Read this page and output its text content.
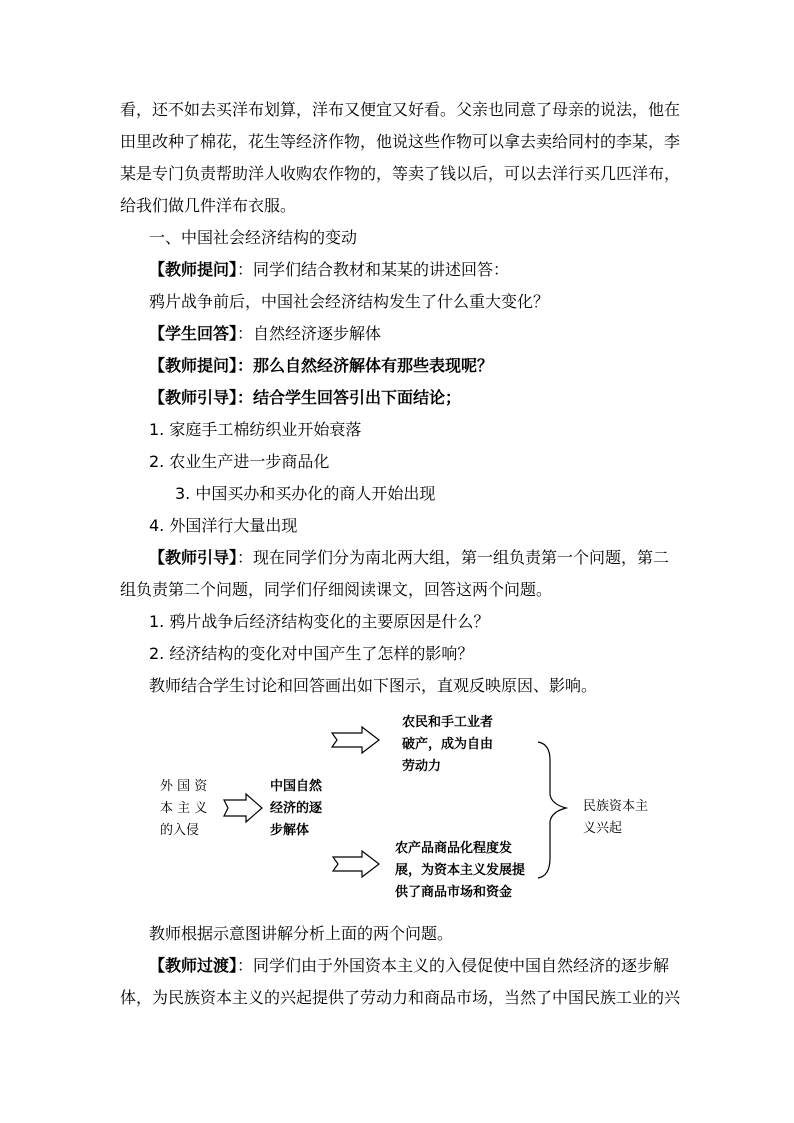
看，还不如去买洋布划算，洋布又便宜又好看。父亲也同意了母亲的说法，他在
田里改种了棉花，花生等经济作物，他说这些作物可以拿去卖给同村的李某，李
某是专门负责帮助洋人收购农作物的，等卖了钱以后，可以去洋行买几匹洋布，
给我们做几件洋布衣服。
一、中国社会经济结构的变动
【教师提问】：同学们结合教材和某某的讲述回答：
鸦片战争前后，中国社会经济结构发生了什么重大变化？
【学生回答】：自然经济逐步解体
【教师提问】：那么自然经济解体有那些表现呢？
【教师引导】：结合学生回答引出下面结论；
1. 家庭手工棉纺织业开始衰落
2. 农业生产进一步商品化
3. 中国买办和买办化的商人开始出现
4. 外国洋行大量出现
【教师引导】：现在同学们分为南北两大组，第一组负责第一个问题，第二
组负责第二个问题，同学们仔细阅读课文，回答这两个问题。
1. 鸦片战争后经济结构变化的主要原因是什么？
2. 经济结构的变化对中国产生了怎样的影响？
教师结合学生讨论和回答画出如下图示，直观反映原因、影响。
外 国 资
本 主 义
的入侵
中国自然
经济的逐
步解体
农民和手工业者
破产，成为自由
劳动力
农产品商品化程度发
展，为资本主义发展提
供了商品市场和资金
民族资本主
义兴起
教师根据示意图讲解分析上面的两个问题。
【教师过渡】：同学们由于外国资本主义的入侵促使中国自然经济的逐步解
体，为民族资本主义的兴起提供了劳动力和商品市场，当然了中国民族工业的兴
